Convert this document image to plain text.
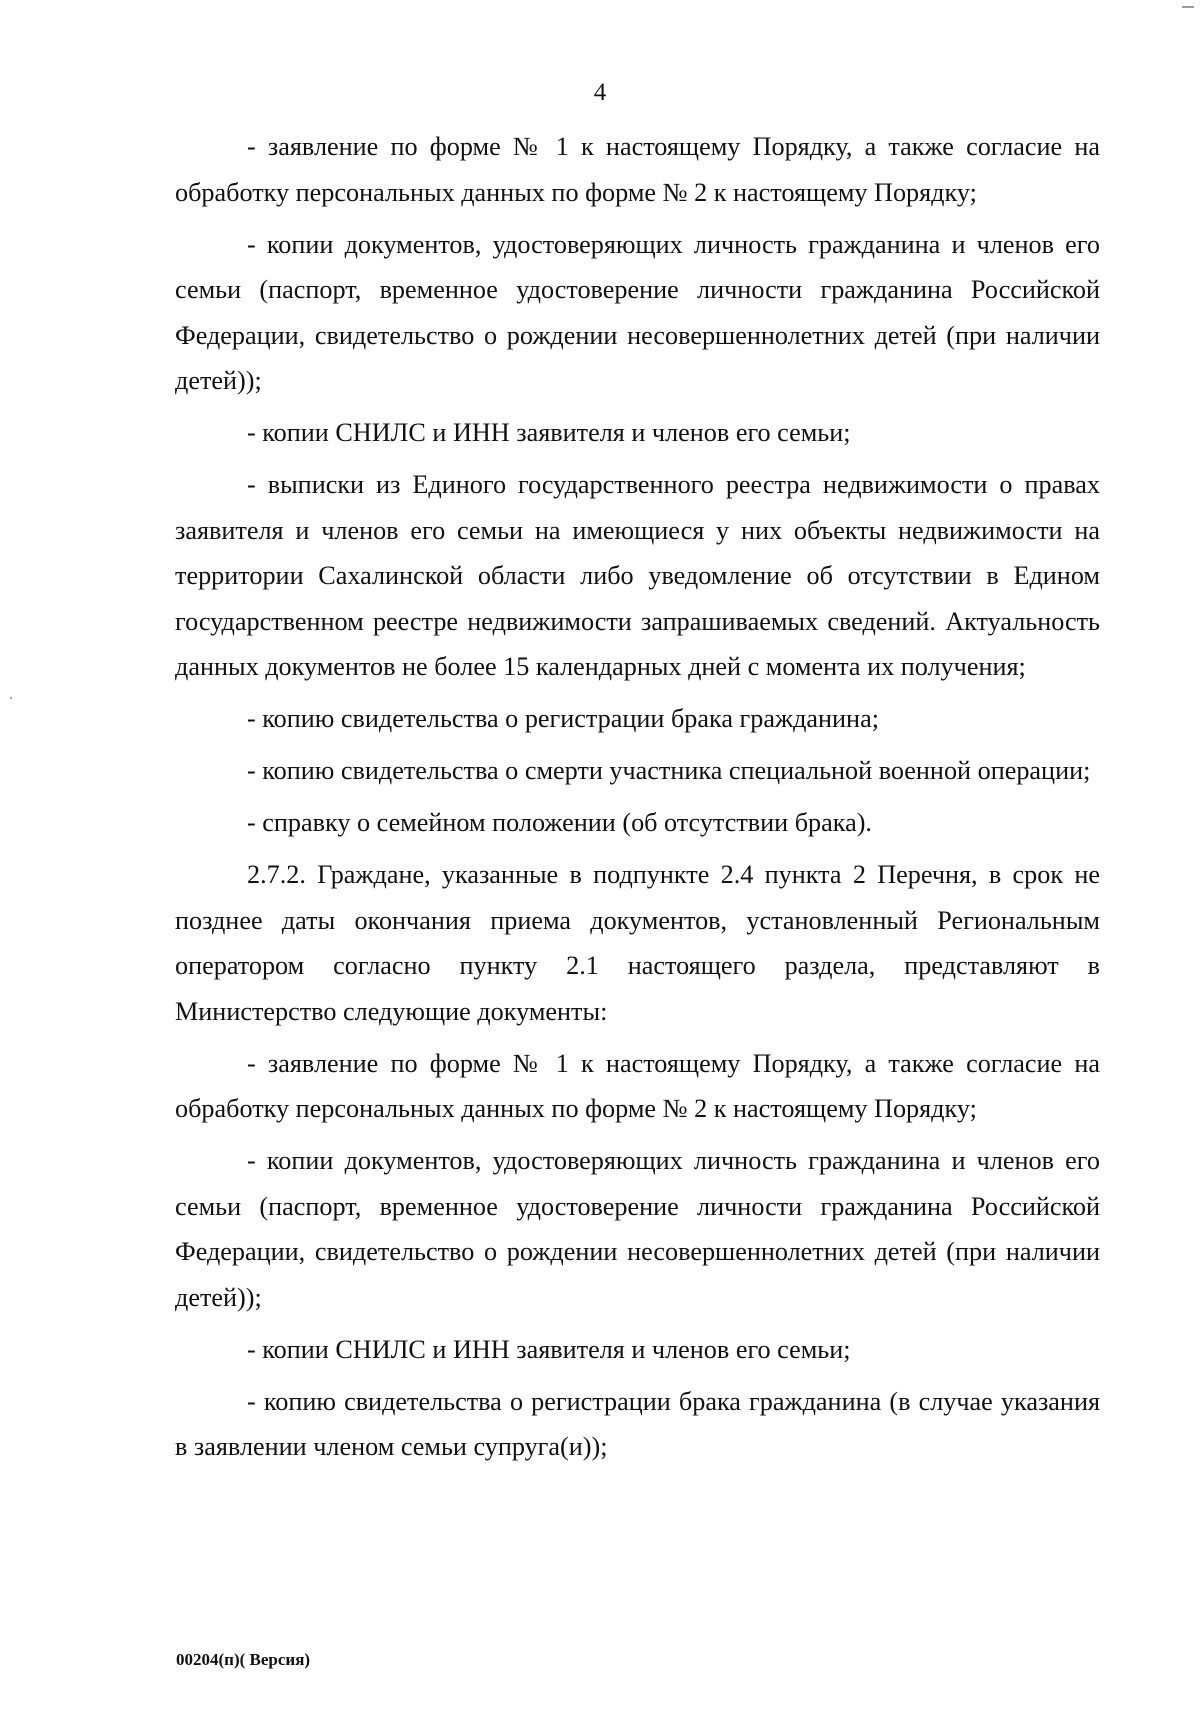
4

- заявление по форме № 1 к настоящему Порядку, а также согласие на обработку персональных данных по форме № 2 к настоящему Порядку;

- копии документов, удостоверяющих личность гражданина и членов его семьи (паспорт, временное удостоверение личности гражданина Российской Федерации, свидетельство о рождении несовершеннолетних детей (при наличии детей));

- копии СНИЛС и ИНН заявителя и членов его семьи;

- выписки из Единого государственного реестра недвижимости о правах заявителя и членов его семьи на имеющиеся у них объекты недвижимости на территории Сахалинской области либо уведомление об отсутствии в Едином государственном реестре недвижимости запрашиваемых сведений. Актуальность данных документов не более 15 календарных дней с момента их получения;

- копию свидетельства о регистрации брака гражданина;

- копию свидетельства о смерти участника специальной военной операции;

- справку о семейном положении (об отсутствии брака).

2.7.2. Граждане, указанные в подпункте 2.4 пункта 2 Перечня, в срок не позднее даты окончания приема документов, установленный Региональным оператором согласно пункту 2.1 настоящего раздела, представляют в Министерство следующие документы:

- заявление по форме № 1 к настоящему Порядку, а также согласие на обработку персональных данных по форме № 2 к настоящему Порядку;

- копии документов, удостоверяющих личность гражданина и членов его семьи (паспорт, временное удостоверение личности гражданина Российской Федерации, свидетельство о рождении несовершеннолетних детей (при наличии детей));

- копии СНИЛС и ИНН заявителя и членов его семьи;

- копию свидетельства о регистрации брака гражданина (в случае указания в заявлении членом семьи супруга(и));

00204(п)( Версия)
